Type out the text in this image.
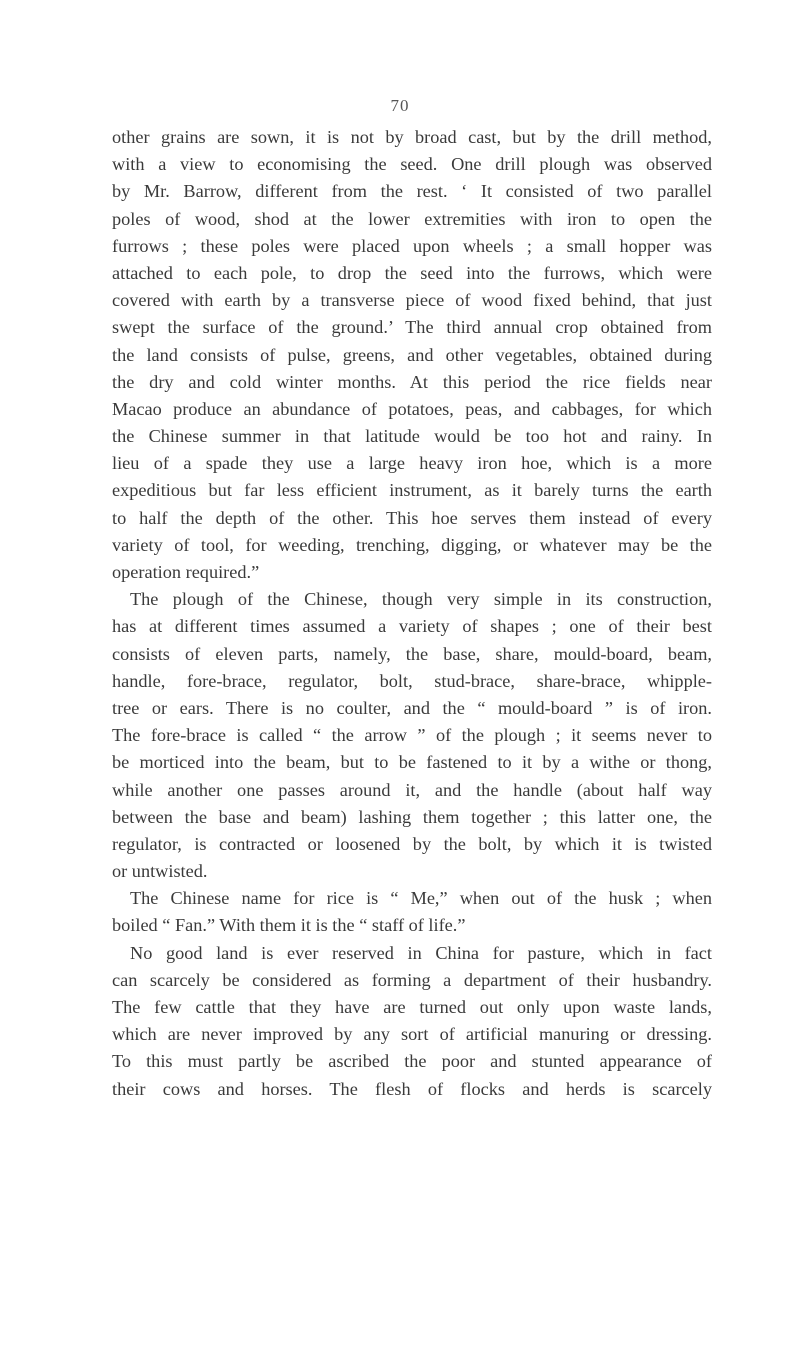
70
other grains are sown, it is not by broad cast, but by the drill method,
with a view to economising the seed. One drill plough was observed
by Mr. Barrow, different from the rest. ‘ It consisted of two parallel
poles of wood, shod at the lower extremities with iron to open the
furrows ; these poles were placed upon wheels ; a small hopper was
attached to each pole, to drop the seed into the furrows, which were
covered with earth by a transverse piece of wood fixed behind, that just
swept the surface of the ground.’ The third annual crop obtained from
the land consists of pulse, greens, and other vegetables, obtained during
the dry and cold winter months. At this period the rice fields near
Macao produce an abundance of potatoes, peas, and cabbages, for which
the Chinese summer in that latitude would be too hot and rainy. In
lieu of a spade they use a large heavy iron hoe, which is a more
expeditious but far less efficient instrument, as it barely turns the earth
to half the depth of the other. This hoe serves them instead of every
variety of tool, for weeding, trenching, digging, or whatever may be the
operation required.”
The plough of the Chinese, though very simple in its construction,
has at different times assumed a variety of shapes ; one of their best
consists of eleven parts, namely, the base, share, mould-board, beam,
handle, fore-brace, regulator, bolt, stud-brace, share-brace, whipple-
tree or ears. There is no coulter, and the “ mould-board ” is of iron.
The fore-brace is called “ the arrow ” of the plough ; it seems never to
be morticed into the beam, but to be fastened to it by a withe or thong,
while another one passes around it, and the handle (about half way
between the base and beam) lashing them together ; this latter one, the
regulator, is contracted or loosened by the bolt, by which it is twisted
or untwisted.
The Chinese name for rice is “ Me,” when out of the husk ; when
boiled “ Fan.” With them it is the “ staff of life.”
No good land is ever reserved in China for pasture, which in fact
can scarcely be considered as forming a department of their husbandry.
The few cattle that they have are turned out only upon waste lands,
which are never improved by any sort of artificial manuring or dressing.
To this must partly be ascribed the poor and stunted appearance of
their cows and horses. The flesh of flocks and herds is scarcely
